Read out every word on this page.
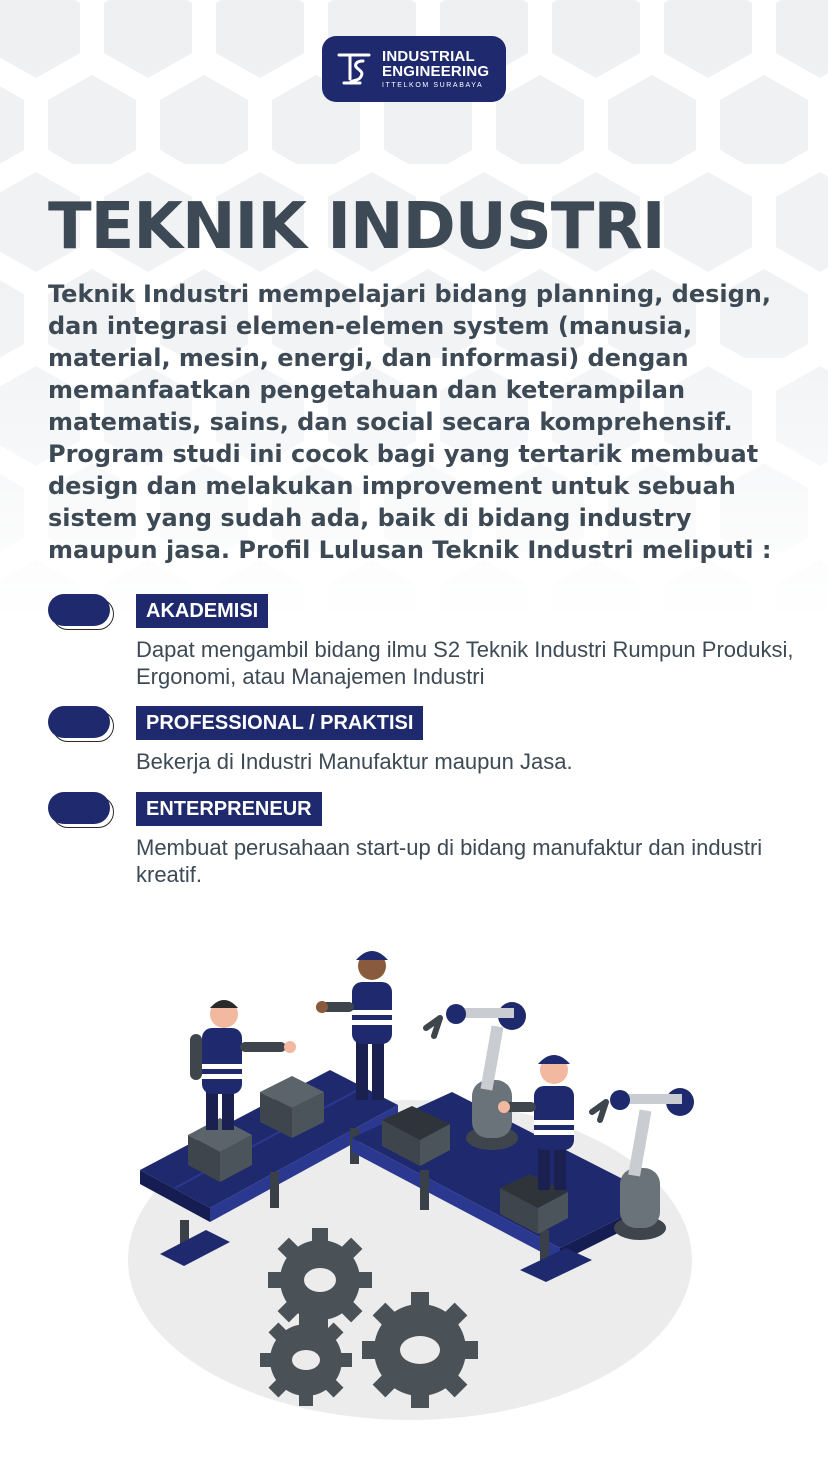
INDUSTRIAL
ENGINEERING
ITTELKOM SURABAYA
TEKNIK INDUSTRI

Teknik Industri mempelajari bidang planning, design, dan integrasi elemen-elemen system (manusia, material, mesin, energi, dan informasi) dengan memanfaatkan pengetahuan dan keterampilan matematis, sains, dan social secara komprehensif. Program studi ini cocok bagi yang tertarik membuat design dan melakukan improvement untuk sebuah sistem yang sudah ada, baik di bidang industry maupun jasa. Profil Lulusan Teknik Industri meliputi :

AKADEMISI

Dapat mengambil bidang ilmu S2 Teknik Industri Rumpun Produksi, Ergonomi, atau Manajemen Industri

PROFESSIONAL / PRAKTISI

Bekerja di Industri Manufaktur maupun Jasa.

ENTERPRENEUR

Membuat perusahaan start-up di bidang manufaktur dan industri kreatif.
